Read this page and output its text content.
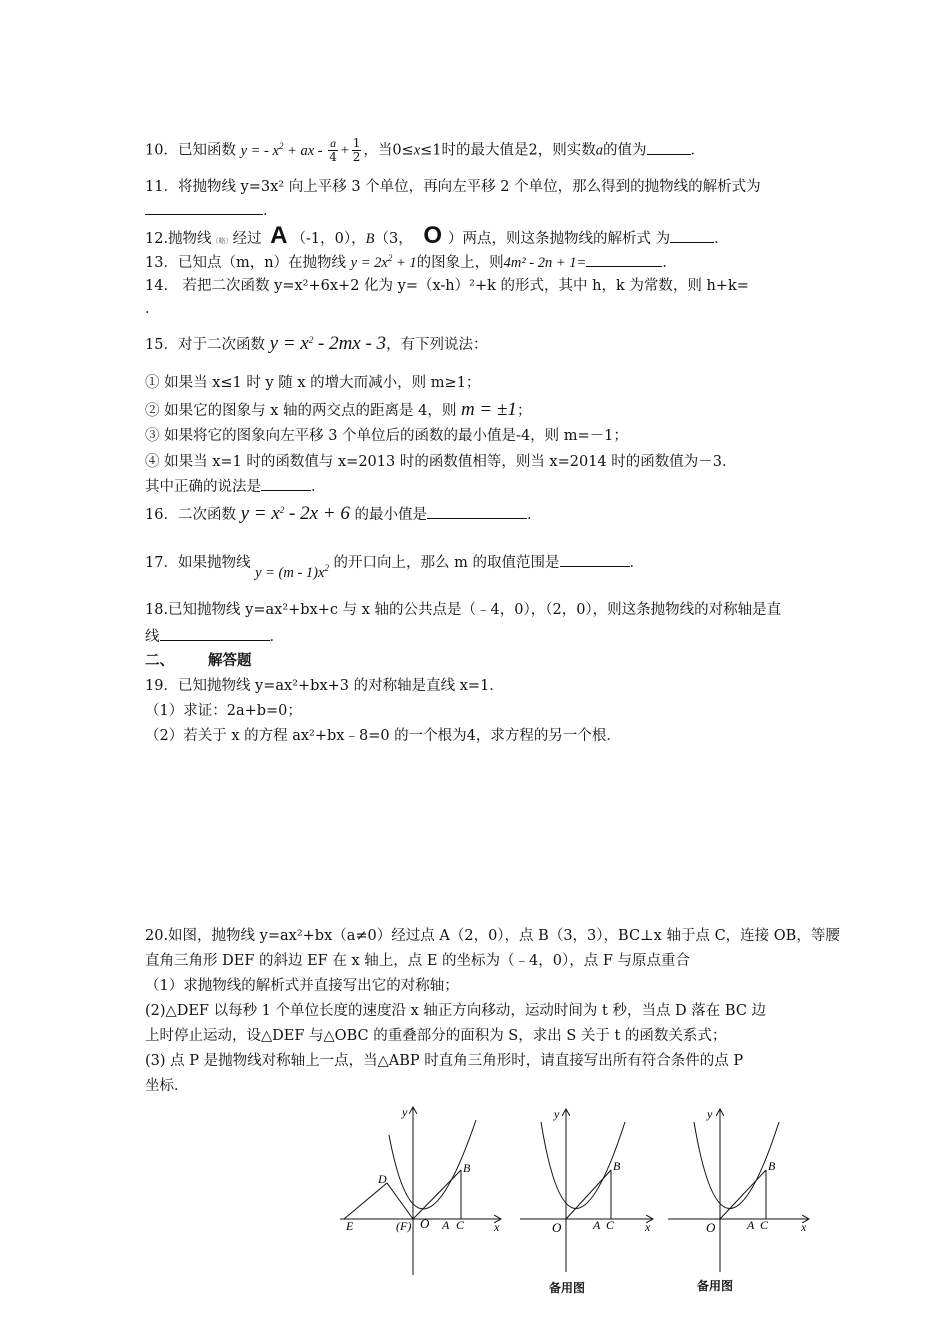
10．已知函数 y = - $x^2$ + ax - $\frac{a}{4} + \frac{1}{2}$ ，当0≤x≤1时的最大值是2，则实数a的值为	．
11．将抛物线 y=3x² 向上平移 3 个单位，再向左平移 2 个单位，那么得到的抛物线的解析式为
．
12.抛物线（略）经过 A （-1，0），B（3， O ）两点，则这条抛物线的解析式 为	．
13．已知点（m，n）在抛物线 $y = 2x^2 + 1$的图象上，则4m² - 2n + 1=	．
14． 若把二次函数 y=x²+6x+2 化为 y=（x-h）²+k 的形式，其中 h，k 为常数，则 h+k=
．
15．对于二次函数 $y = x^2 - 2mx - 3$，有下列说法：
① 如果当 x≤1 时 y 随 x 的增大而减小，则 m≥1；
② 如果它的图象与 x 轴的两交点的距离是 4，则 m = ±1；
③ 如果将它的图象向左平移 3 个单位后的函数的最小值是-4，则 m=－1；
④ 如果当 x=1 时的函数值与 x=2013 时的函数值相等，则当 x=2014 时的函数值为－3．
其中正确的说法是	．
16．二次函数 $y = x^2 - 2x + 6$ 的最小值是	．
17．如果抛物线 $y = (m - 1)x^2$ 的开口向上，那么 m 的取值范围是	．
18.已知抛物线 y=ax²+bx+c 与 x 轴的公共点是（﹣4，0），（2，0），则这条抛物线的对称轴是直
线	．
二、 解答题
19．已知抛物线 y=ax²+bx+3 的对称轴是直线 x=1．
（1）求证：2a+b=0；
（2）若关于 x 的方程 ax²+bx﹣8=0 的一个根为4，求方程的另一个根．
20.如图，抛物线 y=ax²+bx（a≠0）经过点 A（2，0），点 B（3，3），BC⊥x 轴于点 C，连接 OB，等腰
直角三角形 DEF 的斜边 EF 在 x 轴上，点 E 的坐标为（﹣4，0），点 F 与原点重合
（1）求抛物线的解析式并直接写出它的对称轴；
(2)△DEF 以每秒 1 个单位长度的速度沿 x 轴正方向移动，运动时间为 t 秒，当点 D 落在 BC 边
上时停止运动，设△DEF 与△OBC 的重叠部分的面积为 S，求出 S 关于 t 的函数关系式；
(3) 点 P 是抛物线对称轴上一点，当△ABP 时直角三角形时，请直接写出所有符合条件的点 P
坐标．
y
x
O A C
B
D
E	(F)
y
x
O	A C
B
y
x
O	A C
B
备用图	备用图
